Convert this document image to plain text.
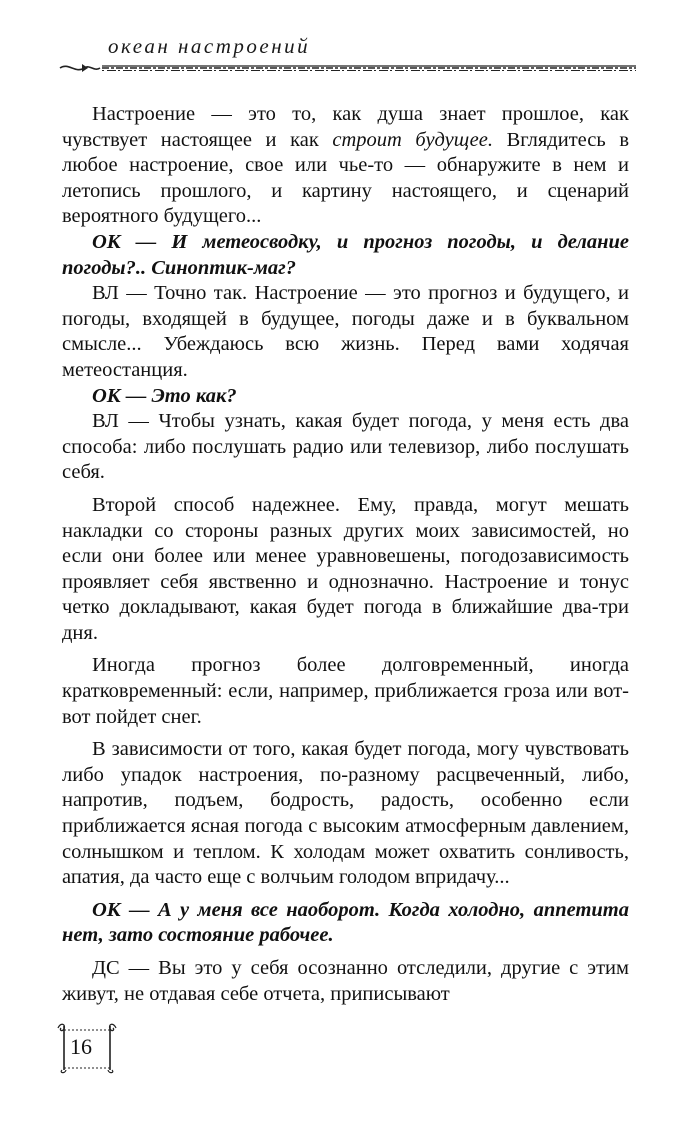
океан настроений

Настроение — это то, как душа знает прошлое, как чувствует настоящее и как строит будущее. Вглядитесь в любое настроение, свое или чье-то — обнаружите в нем и летопись прошлого, и картину настоящего, и сценарий вероятного будущего...

ОК — И метеосводку, и прогноз погоды, и делание погоды?.. Синоптик-маг?

ВЛ — Точно так. Настроение — это прогноз и будущего, и погоды, входящей в будущее, погоды даже и в буквальном смысле... Убеждаюсь всю жизнь. Перед вами ходячая метеостанция.

ОК — Это как?

ВЛ — Чтобы узнать, какая будет погода, у меня есть два способа: либо послушать радио или телевизор, либо послушать себя.

Второй способ надежнее. Ему, правда, могут мешать накладки со стороны разных других моих зависимостей, но если они более или менее уравновешены, погодозависимость проявляет себя явственно и однозначно. Настроение и тонус четко докладывают, какая будет погода в ближайшие два-три дня.

Иногда прогноз более долговременный, иногда кратковременный: если, например, приближается гроза или вот-вот пойдет снег.

В зависимости от того, какая будет погода, могу чувствовать либо упадок настроения, по-разному расцвеченный, либо, напротив, подъем, бодрость, радость, особенно если приближается ясная погода с высоким атмосферным давлением, солнышком и теплом. К холодам может охватить сонливость, апатия, да часто еще с волчьим голодом впридачу...

ОК — А у меня все наоборот. Когда холодно, аппетита нет, зато состояние рабочее.

ДС — Вы это у себя осознанно отследили, другие с этим живут, не отдавая себе отчета, приписывают

16
